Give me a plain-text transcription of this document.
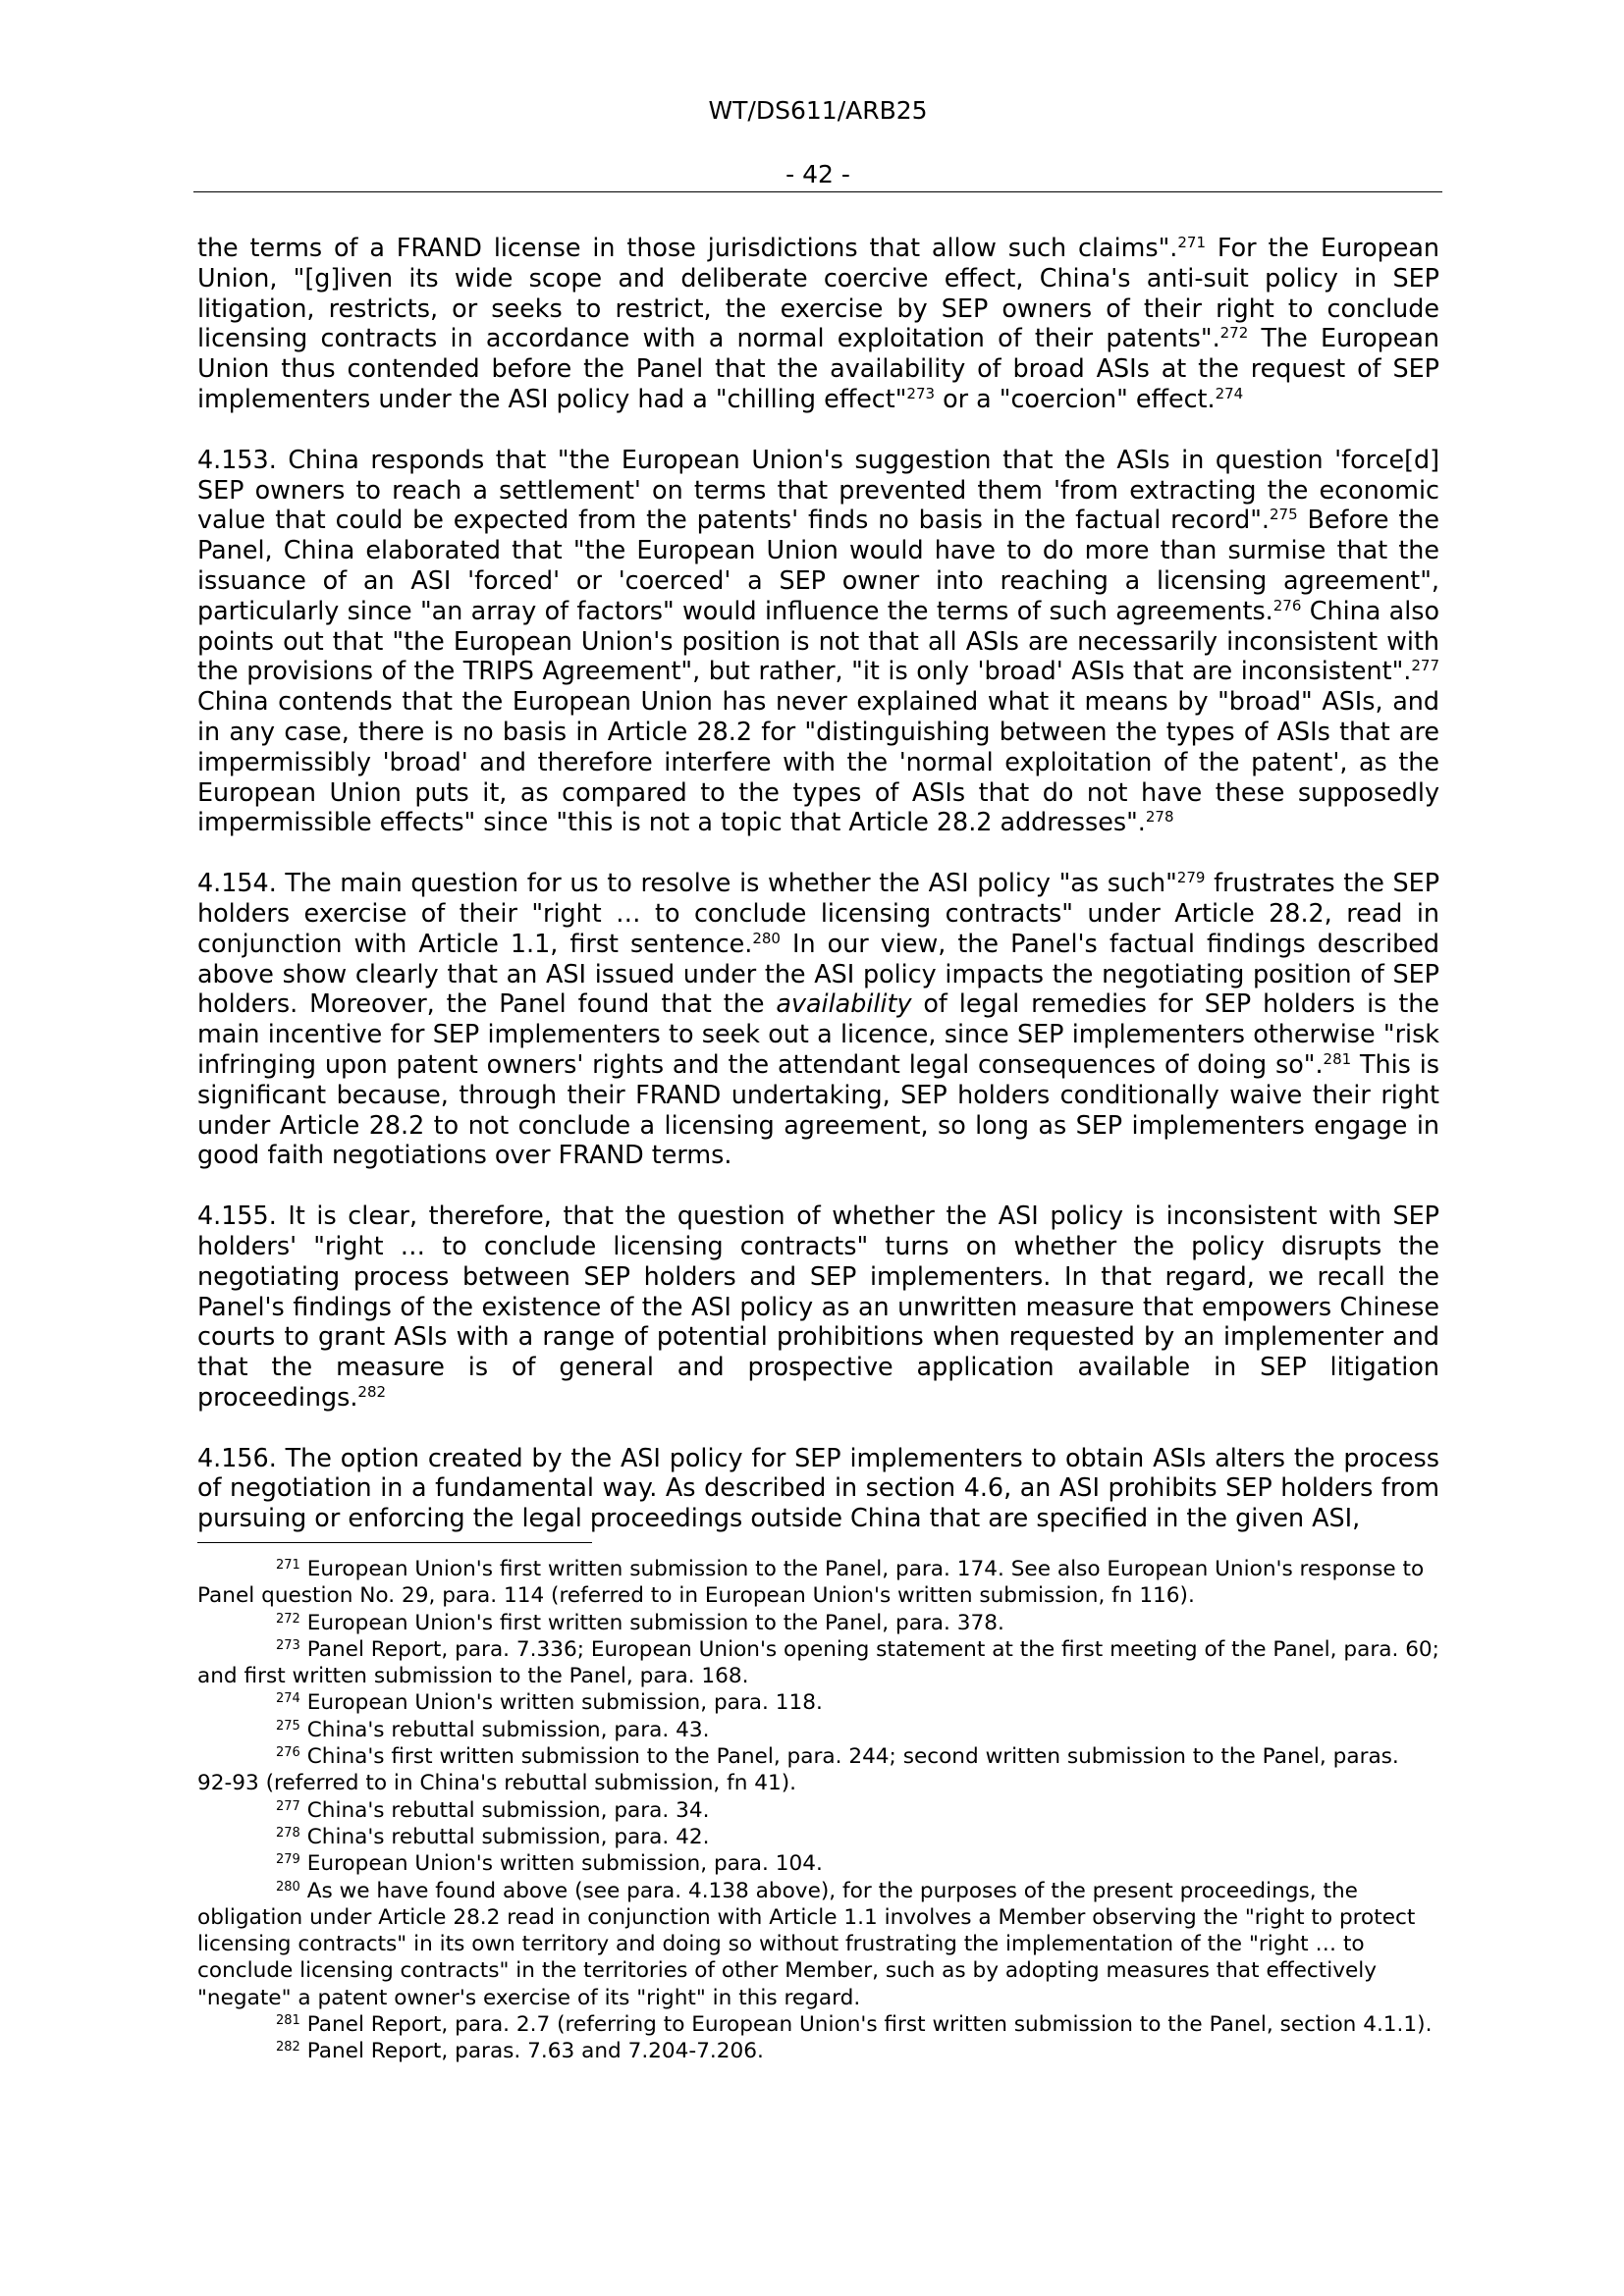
WT/DS611/ARB25
- 42 -

the terms of a FRAND license in those jurisdictions that allow such claims".$^{271}$ For the European Union, "[g]iven its wide scope and deliberate coercive effect, China's anti-suit policy in SEP litigation, restricts, or seeks to restrict, the exercise by SEP owners of their right to conclude licensing contracts in accordance with a normal exploitation of their patents".$^{272}$ The European Union thus contended before the Panel that the availability of broad ASIs at the request of SEP implementers under the ASI policy had a "chilling effect"$^{273}$ or a "coercion" effect.$^{274}$

4.153. China responds that "the European Union's suggestion that the ASIs in question 'force[d] SEP owners to reach a settlement' on terms that prevented them 'from extracting the economic value that could be expected from the patents' finds no basis in the factual record".$^{275}$ Before the Panel, China elaborated that "the European Union would have to do more than surmise that the issuance of an ASI 'forced' or 'coerced' a SEP owner into reaching a licensing agreement", particularly since "an array of factors" would influence the terms of such agreements.$^{276}$ China also points out that "the European Union's position is not that all ASIs are necessarily inconsistent with the provisions of the TRIPS Agreement", but rather, "it is only 'broad' ASIs that are inconsistent".$^{277}$ China contends that the European Union has never explained what it means by "broad" ASIs, and in any case, there is no basis in Article 28.2 for "distinguishing between the types of ASIs that are impermissibly 'broad' and therefore interfere with the 'normal exploitation of the patent', as the European Union puts it, as compared to the types of ASIs that do not have these supposedly impermissible effects" since "this is not a topic that Article 28.2 addresses".$^{278}$

4.154. The main question for us to resolve is whether the ASI policy "as such"$^{279}$ frustrates the SEP holders exercise of their "right … to conclude licensing contracts" under Article 28.2, read in conjunction with Article 1.1, first sentence.$^{280}$ In our view, the Panel's factual findings described above show clearly that an ASI issued under the ASI policy impacts the negotiating position of SEP holders. Moreover, the Panel found that the availability of legal remedies for SEP holders is the main incentive for SEP implementers to seek out a licence, since SEP implementers otherwise "risk infringing upon patent owners' rights and the attendant legal consequences of doing so".$^{281}$ This is significant because, through their FRAND undertaking, SEP holders conditionally waive their right under Article 28.2 to not conclude a licensing agreement, so long as SEP implementers engage in good faith negotiations over FRAND terms.

4.155. It is clear, therefore, that the question of whether the ASI policy is inconsistent with SEP holders' "right … to conclude licensing contracts" turns on whether the policy disrupts the negotiating process between SEP holders and SEP implementers. In that regard, we recall the Panel's findings of the existence of the ASI policy as an unwritten measure that empowers Chinese courts to grant ASIs with a range of potential prohibitions when requested by an implementer and that the measure is of general and prospective application available in SEP litigation proceedings.$^{282}$

4.156. The option created by the ASI policy for SEP implementers to obtain ASIs alters the process of negotiation in a fundamental way. As described in section 4.6, an ASI prohibits SEP holders from pursuing or enforcing the legal proceedings outside China that are specified in the given ASI,

$^{271}$ European Union's first written submission to the Panel, para. 174. See also European Union's response to Panel question No. 29, para. 114 (referred to in European Union's written submission, fn 116).

$^{272}$ European Union's first written submission to the Panel, para. 378.

$^{273}$ Panel Report, para. 7.336; European Union's opening statement at the first meeting of the Panel, para. 60; and first written submission to the Panel, para. 168.

$^{274}$ European Union's written submission, para. 118.

$^{275}$ China's rebuttal submission, para. 43.

$^{276}$ China's first written submission to the Panel, para. 244; second written submission to the Panel, paras. 92-93 (referred to in China's rebuttal submission, fn 41).

$^{277}$ China's rebuttal submission, para. 34.

$^{278}$ China's rebuttal submission, para. 42.

$^{279}$ European Union's written submission, para. 104.

$^{280}$ As we have found above (see para. 4.138 above), for the purposes of the present proceedings, the obligation under Article 28.2 read in conjunction with Article 1.1 involves a Member observing the "right to protect licensing contracts" in its own territory and doing so without frustrating the implementation of the "right … to conclude licensing contracts" in the territories of other Member, such as by adopting measures that effectively "negate" a patent owner's exercise of its "right" in this regard.

$^{281}$ Panel Report, para. 2.7 (referring to European Union's first written submission to the Panel, section 4.1.1).

$^{282}$ Panel Report, paras. 7.63 and 7.204-7.206.
